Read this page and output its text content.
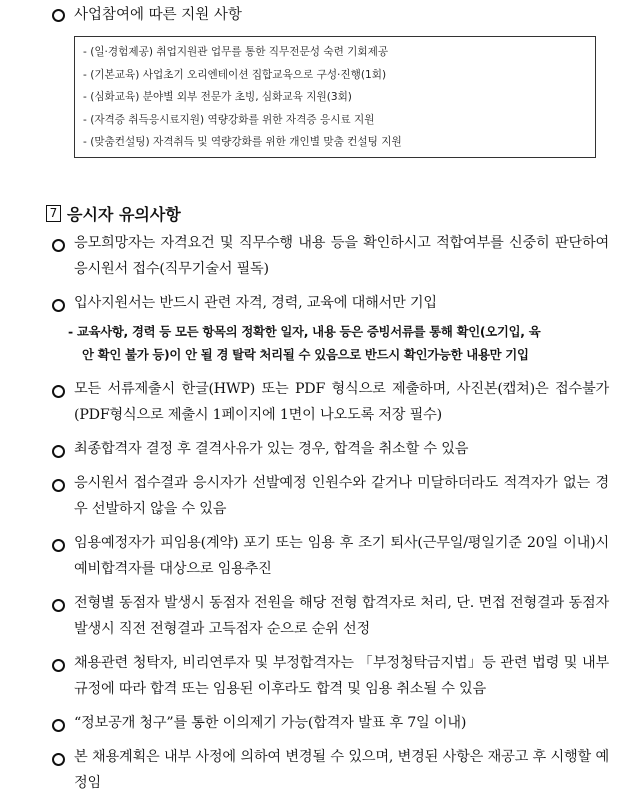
사업참여에 따른 지원 사항
- (일·경험제공) 취업지원관 업무를 통한 직무전문성 숙련 기회제공
- (기본교육) 사업초기 오리엔테이션 집합교육으로 구성·진행(1회)
- (심화교육) 분야별 외부 전문가 초빙, 심화교육 지원(3회)
- (자격증 취득응시료지원) 역량강화를 위한 자격증 응시료 지원
- (맞춤컨설팅) 자격취득 및 역량강화를 위한 개인별 맞춤 컨설팅 지원
7 응시자 유의사항
응모희망자는 자격요건 및 직무수행 내용 등을 확인하시고 적합여부를 신중히 판단하여 응시원서 접수(직무기술서 필독)
입사지원서는 반드시 관련 자격, 경력, 교육에 대해서만 기입
- 교육사항, 경력 등 모든 항목의 정확한 일자, 내용 등은 증빙서류를 통해 확인(오기입, 육
안 확인 불가 등)이 안 될 경 탈락 처리될 수 있음으로 반드시 확인가능한 내용만 기입
모든 서류제출시 한글(HWP) 또는 PDF 형식으로 제출하며, 사진본(캡쳐)은 접수불가(PDF형식으로 제출시 1페이지에 1면이 나오도록 저장 필수)
최종합격자 결정 후 결격사유가 있는 경우, 합격을 취소할 수 있음
응시원서 접수결과 응시자가 선발예정 인원수와 같거나 미달하더라도 적격자가 없는 경우 선발하지 않을 수 있음
임용예정자가 피임용(계약) 포기 또는 임용 후 조기 퇴사(근무일/평일기준 20일 이내)시 예비합격자를 대상으로 임용추진
전형별 동점자 발생시 동점자 전원을 해당 전형 합격자로 처리, 단. 면접 전형결과 동점자 발생시 직전 전형결과 고득점자 순으로 순위 선정
채용관련 청탁자, 비리연루자 및 부정합격자는 「부정청탁금지법」등 관련 법령 및 내부규정에 따라 합격 또는 임용된 이후라도 합격 및 임용 취소될 수 있음
“정보공개 청구”를 통한 이의제기 가능(합격자 발표 후 7일 이내)
본 채용계획은 내부 사정에 의하여 변경될 수 있으며, 변경된 사항은 재공고 후 시행할 예정임
